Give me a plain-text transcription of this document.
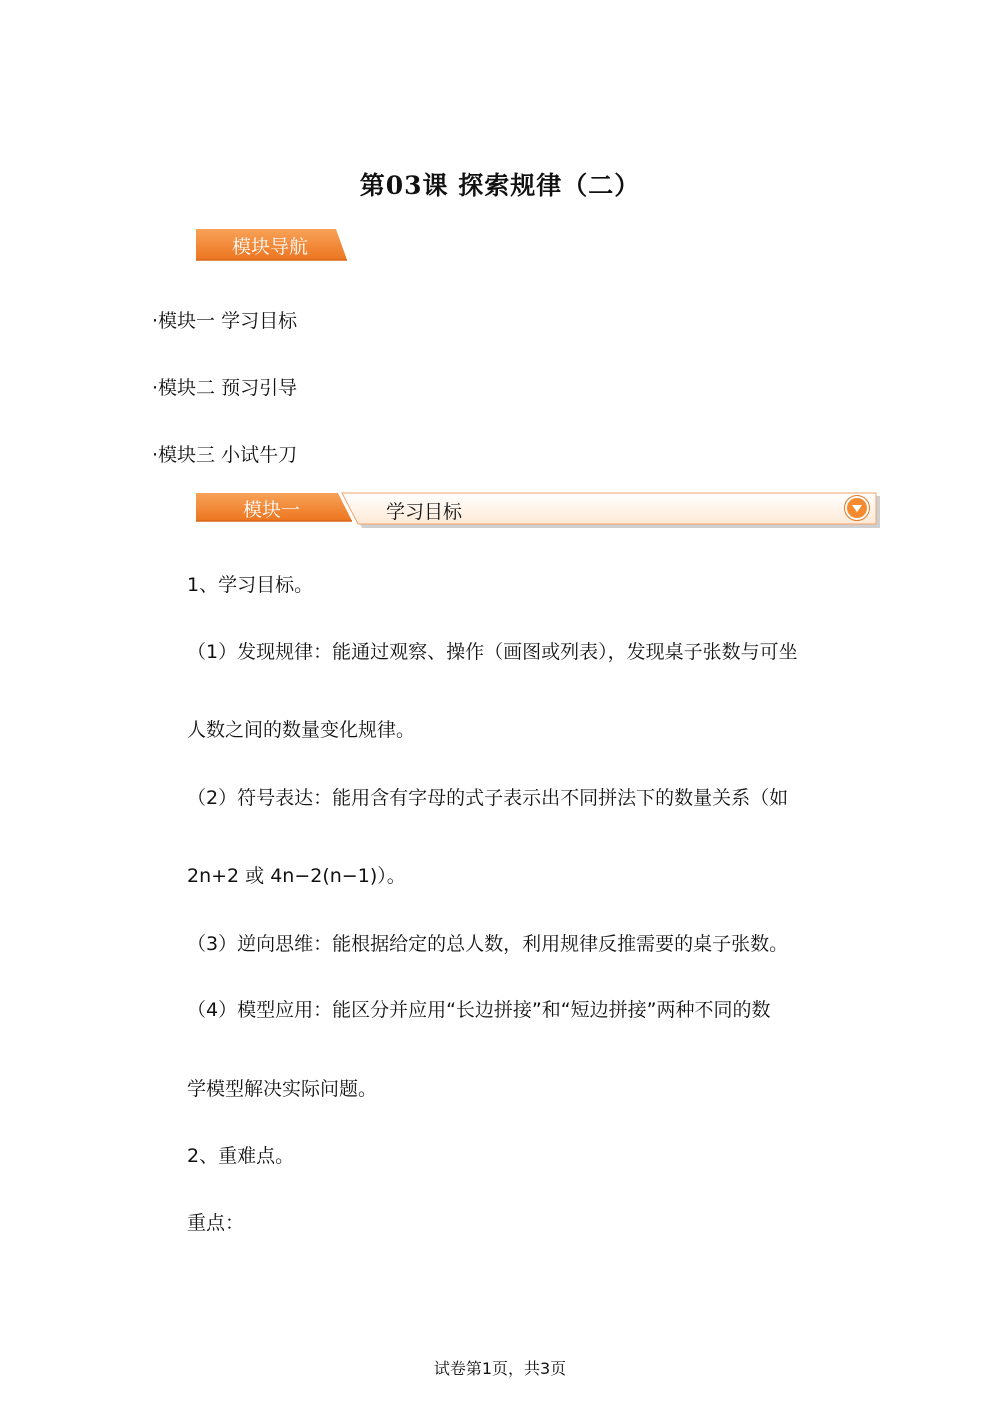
第03课 探索规律（二）
模块导航
·模块一 学习目标
·模块二 预习引导
·模块三 小试牛刀
模块一	学习目标
1、学习目标。
（1）发现规律：能通过观察、操作（画图或列表），发现桌子张数与可坐
人数之间的数量变化规律。
（2）符号表达：能用含有字母的式子表示出不同拼法下的数量关系（如
2n+2 或 4n−2(n−1)）。
（3）逆向思维：能根据给定的总人数，利用规律反推需要的桌子张数。
（4）模型应用：能区分并应用“长边拼接”和“短边拼接”两种不同的数
学模型解决实际问题。
2、重难点。
重点：
试卷第1页，共3页
